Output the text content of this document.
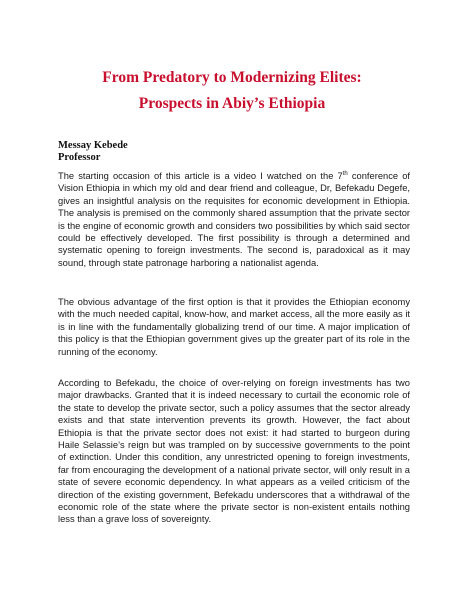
From Predatory to Modernizing Elites:
Prospects in Abiy’s Ethiopia
Messay Kebede
Professor

The starting occasion of this article is a video I watched on the 7th conference of Vision Ethiopia in which my old and dear friend and colleague, Dr, Befekadu Degefe, gives an insightful analysis on the requisites for economic development in Ethiopia. The analysis is premised on the commonly shared assumption that the private sector is the engine of economic growth and considers two possibilities by which said sector could be effectively developed. The first possibility is through a determined and systematic opening to foreign investments. The second is, paradoxical as it may sound, through state patronage harboring a nationalist agenda.

The obvious advantage of the first option is that it provides the Ethiopian economy with the much needed capital, know-how, and market access, all the more easily as it is in line with the fundamentally globalizing trend of our time. A major implication of this policy is that the Ethiopian government gives up the greater part of its role in the running of the economy.

According to Befekadu, the choice of over-relying on foreign investments has two major drawbacks. Granted that it is indeed necessary to curtail the economic role of the state to develop the private sector, such a policy assumes that the sector already exists and that state intervention prevents its growth. However, the fact about Ethiopia is that the private sector does not exist: it had started to burgeon during Haile Selassie’s reign but was trampled on by successive governments to the point of extinction. Under this condition, any unrestricted opening to foreign investments, far from encouraging the development of a national private sector, will only result in a state of severe economic dependency. In what appears as a veiled criticism of the direction of the existing government, Befekadu underscores that a withdrawal of the economic role of the state where the private sector is non-existent entails nothing less than a grave loss of sovereignty.
